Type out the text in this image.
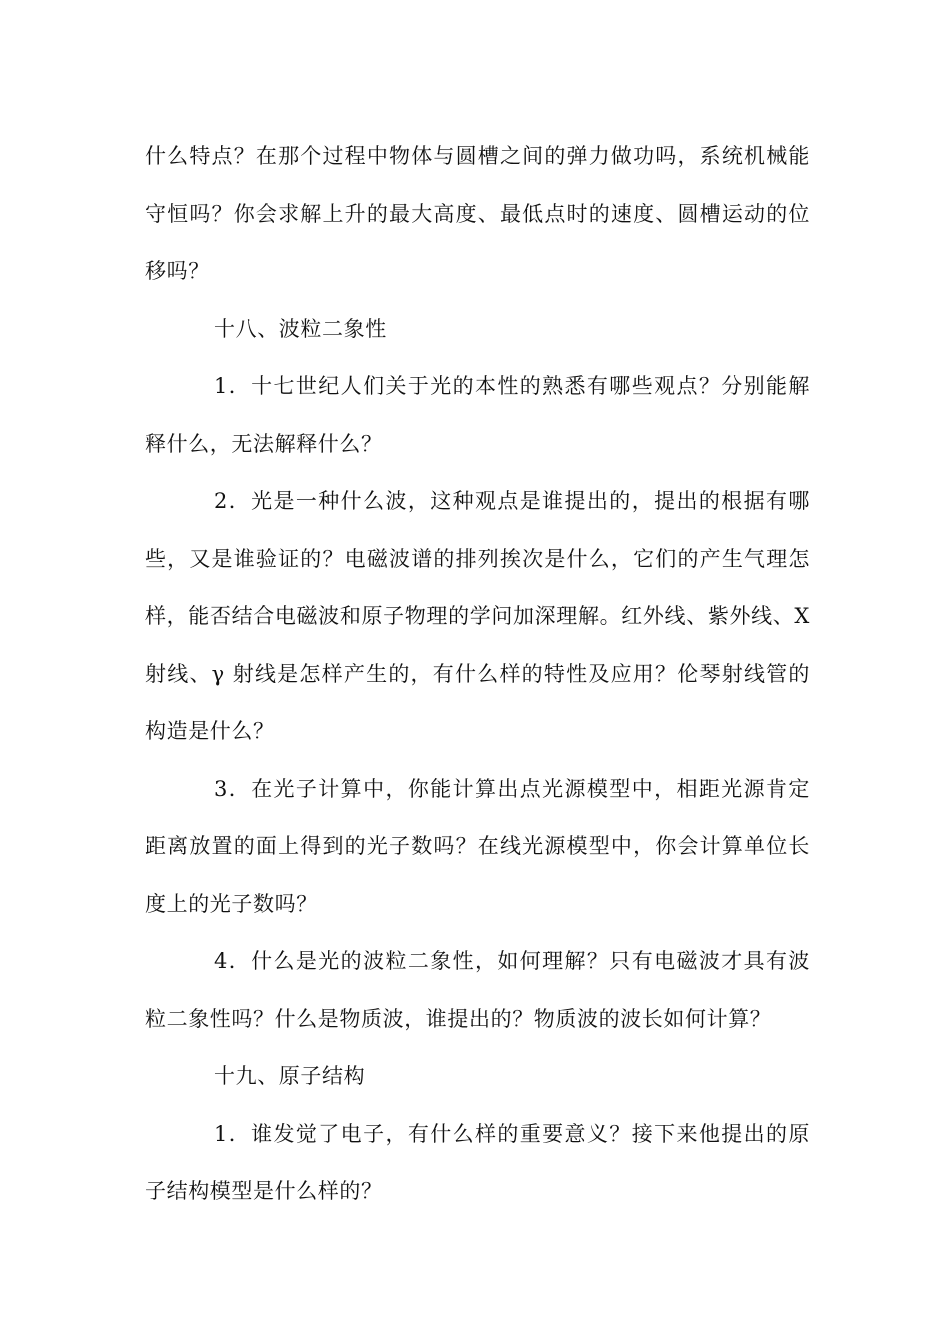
什么特点？在那个过程中物体与圆槽之间的弹力做功吗，系统机械能守恒吗？你会求解上升的最大高度、最低点时的速度、圆槽运动的位移吗？

十八、波粒二象性

1．十七世纪人们关于光的本性的熟悉有哪些观点？分别能解释什么，无法解释什么？

2．光是一种什么波，这种观点是谁提出的，提出的根据有哪些，又是谁验证的？电磁波谱的排列挨次是什么，它们的产生气理怎样，能否结合电磁波和原子物理的学问加深理解。红外线、紫外线、X射线、γ 射线是怎样产生的，有什么样的特性及应用？伦琴射线管的构造是什么？

3．在光子计算中，你能计算出点光源模型中，相距光源肯定距离放置的面上得到的光子数吗？在线光源模型中，你会计算单位长度上的光子数吗？

4．什么是光的波粒二象性，如何理解？只有电磁波才具有波粒二象性吗？什么是物质波，谁提出的？物质波的波长如何计算？

十九、原子结构

1．谁发觉了电子，有什么样的重要意义？接下来他提出的原子结构模型是什么样的？
